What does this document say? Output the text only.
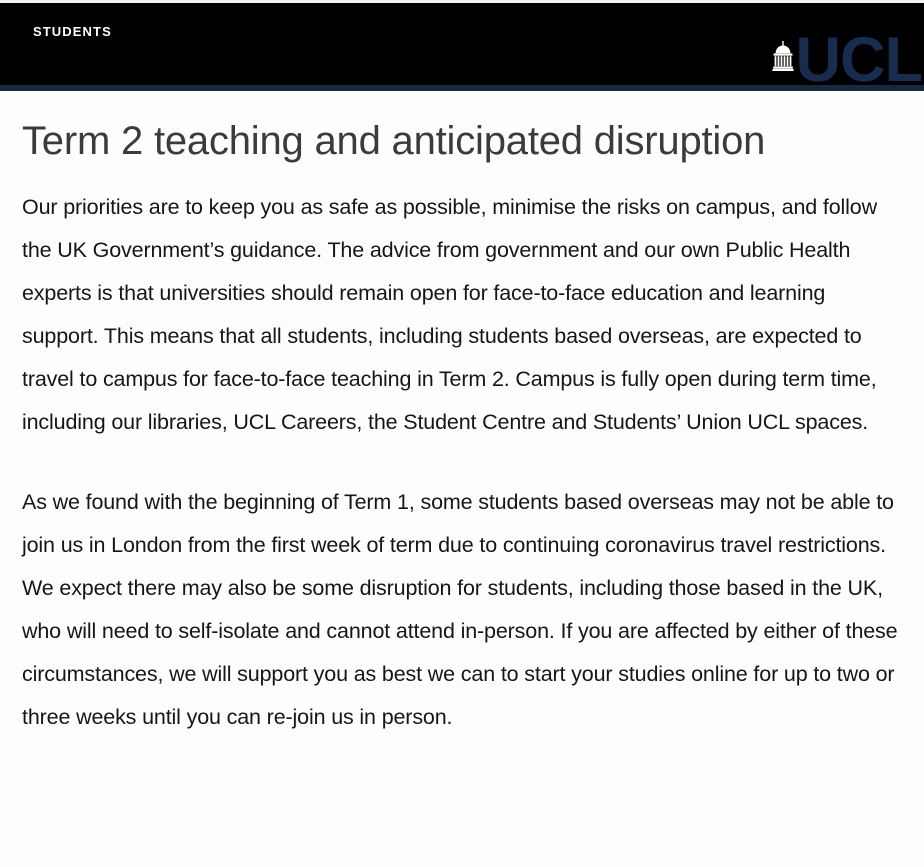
STUDENTS	UCL
Term 2 teaching and anticipated disruption

Our priorities are to keep you as safe as possible, minimise the risks on campus, and follow the UK Government’s guidance. The advice from government and our own Public Health experts is that universities should remain open for face-to-face education and learning support. This means that all students, including students based overseas, are expected to travel to campus for face-to-face teaching in Term 2. Campus is fully open during term time, including our libraries, UCL Careers, the Student Centre and Students’ Union UCL spaces.

As we found with the beginning of Term 1, some students based overseas may not be able to join us in London from the first week of term due to continuing coronavirus travel restrictions. We expect there may also be some disruption for students, including those based in the UK, who will need to self-isolate and cannot attend in-person. If you are affected by either of these circumstances, we will support you as best we can to start your studies online for up to two or three weeks until you can re-join us in person.
